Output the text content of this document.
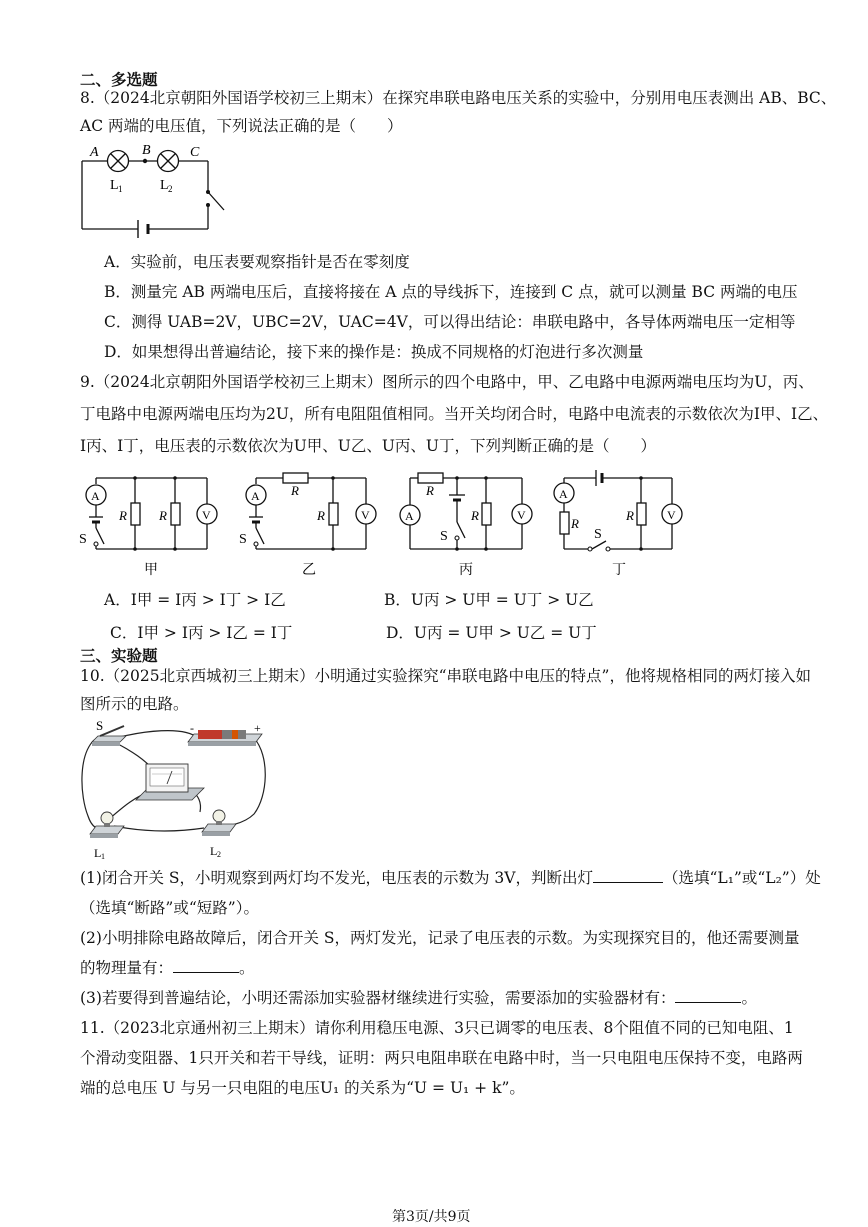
二、多选题
8.（2024北京朝阳外国语学校初三上期末）在探究串联电路电压关系的实验中，分别用电压表测出 AB、BC、
AC 两端的电压值，下列说法正确的是（　　）
A	B	C
L 1	L 2
A．实验前，电压表要观察指针是否在零刻度
B．测量完 AB 两端电压后，直接将接在 A 点的导线拆下，连接到 C 点，就可以测量 BC 两端的电压
C．测得 UAB=2V，UBC=2V，UAC=4V，可以得出结论：串联电路中，各导体两端电压一定相等
D．如果想得出普遍结论，接下来的操作是：换成不同规格的灯泡进行多次测量
9.（2024北京朝阳外国语学校初三上期末）图所示的四个电路中，甲、乙电路中电源两端电压均为U，丙、
丁电路中电源两端电压均为2U，所有电阻阻值相同。当开关均闭合时，电路中电流表的示数依次为I甲、I乙、
I丙、I丁，电压表的示数依次为U甲、U乙、U丙、U丁，下列判断正确的是（　　）
A
V
R R
S
甲
A
V
R
R
S
乙
A	V
R
R
S
丙
A
V
R
R
S
丁
A．I甲 = I丙 > I丁 > I乙	B．U丙 > U甲 = U丁 > U乙
C．I甲 > I丙 > I乙 = I丁	D．U丙 = U甲 > U乙 = U丁
三、实验题
10.（2025北京西城初三上期末）小明通过实验探究“串联电路中电压的特点”，他将规格相同的两灯接入如
图所示的电路。
S	-	+
L 1	L 2
(1)闭合开关 S，小明观察到两灯均不发光，电压表的示数为 3V，判断出灯	（选填“L₁”或“L₂”）处
（选填“断路”或“短路”）。
(2)小明排除电路故障后，闭合开关 S，两灯发光，记录了电压表的示数。为实现探究目的，他还需要测量
的物理量有：	。
(3)若要得到普遍结论，小明还需添加实验器材继续进行实验，需要添加的实验器材有：	。
11.（2023北京通州初三上期末）请你利用稳压电源、3只已调零的电压表、8个阻值不同的已知电阻、1
个滑动变阻器、1只开关和若干导线，证明：两只电阻串联在电路中时，当一只电阻电压保持不变，电路两
端的总电压 U 与另一只电阻的电压U₁ 的关系为“U = U₁ + k”。
第3页/共9页
